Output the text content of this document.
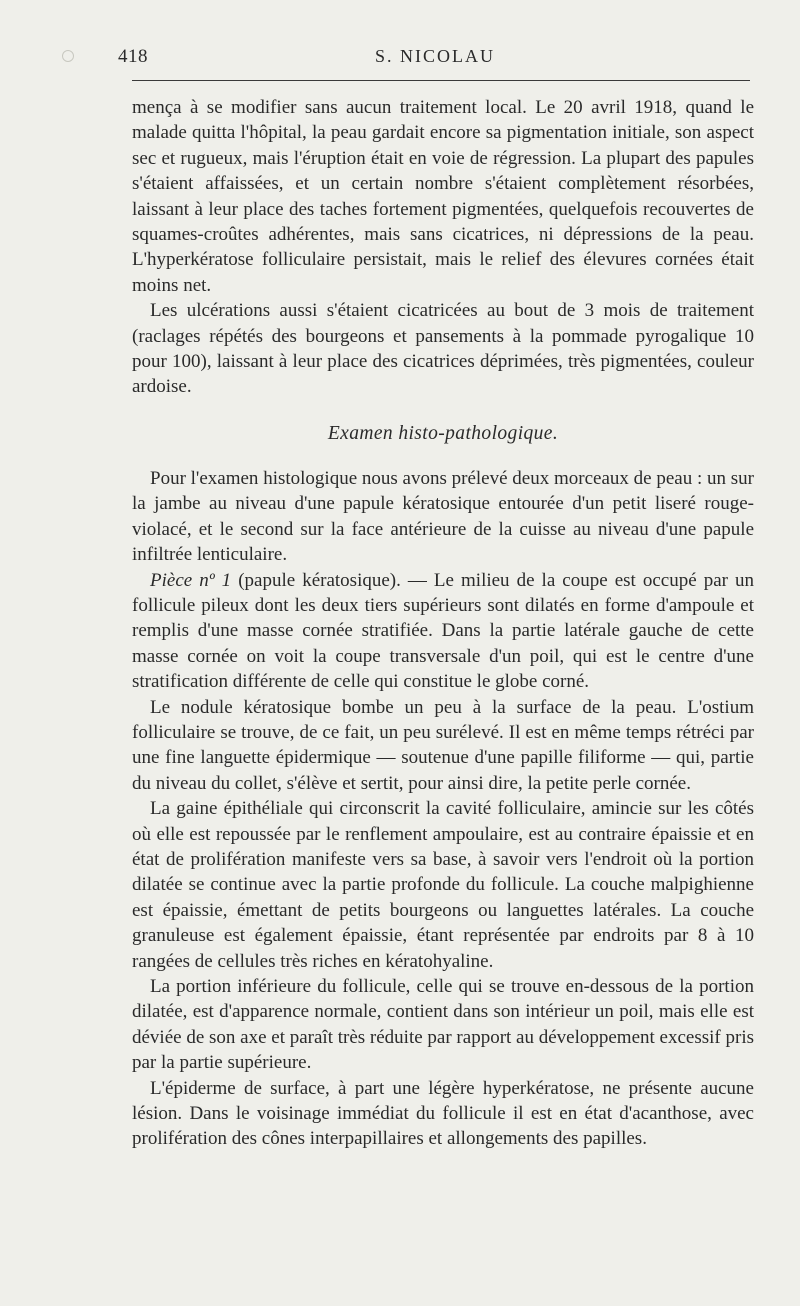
418	S. NICOLAU

mença à se modifier sans aucun traitement local. Le 20 avril 1918, quand le malade quitta l'hôpital, la peau gardait encore sa pigmentation initiale, son aspect sec et rugueux, mais l'éruption était en voie de régression. La plupart des papules s'étaient affaissées, et un certain nombre s'étaient complètement résorbées, laissant à leur place des taches fortement pigmentées, quelquefois recouvertes de squames-croûtes adhérentes, mais sans cicatrices, ni dépressions de la peau. L'hyperkératose folliculaire persistait, mais le relief des élevures cornées était moins net.

Les ulcérations aussi s'étaient cicatricées au bout de 3 mois de traitement (raclages répétés des bourgeons et pansements à la pommade pyrogalique 10 pour 100), laissant à leur place des cicatrices déprimées, très pigmentées, couleur ardoise.

Examen histo-pathologique.

Pour l'examen histologique nous avons prélevé deux morceaux de peau : un sur la jambe au niveau d'une papule kératosique entourée d'un petit liseré rouge-violacé, et le second sur la face antérieure de la cuisse au niveau d'une papule infiltrée lenticulaire.

Pièce nº 1 (papule kératosique). — Le milieu de la coupe est occupé par un follicule pileux dont les deux tiers supérieurs sont dilatés en forme d'ampoule et remplis d'une masse cornée stratifiée. Dans la partie latérale gauche de cette masse cornée on voit la coupe transversale d'un poil, qui est le centre d'une stratification différente de celle qui constitue le globe corné.

Le nodule kératosique bombe un peu à la surface de la peau. L'ostium folliculaire se trouve, de ce fait, un peu surélevé. Il est en même temps rétréci par une fine languette épidermique — soutenue d'une papille filiforme — qui, partie du niveau du collet, s'élève et sertit, pour ainsi dire, la petite perle cornée.

La gaine épithéliale qui circonscrit la cavité folliculaire, amincie sur les côtés où elle est repoussée par le renflement ampoulaire, est au contraire épaissie et en état de prolifération manifeste vers sa base, à savoir vers l'endroit où la portion dilatée se continue avec la partie profonde du follicule. La couche malpighienne est épaissie, émettant de petits bourgeons ou languettes latérales. La couche granuleuse est également épaissie, étant représentée par endroits par 8 à 10 rangées de cellules très riches en kératohyaline.

La portion inférieure du follicule, celle qui se trouve en-dessous de la portion dilatée, est d'apparence normale, contient dans son intérieur un poil, mais elle est déviée de son axe et paraît très réduite par rapport au développement excessif pris par la partie supérieure.

L'épiderme de surface, à part une légère hyperkératose, ne présente aucune lésion. Dans le voisinage immédiat du follicule il est en état d'acanthose, avec prolifération des cônes interpapillaires et allongements des papilles.
